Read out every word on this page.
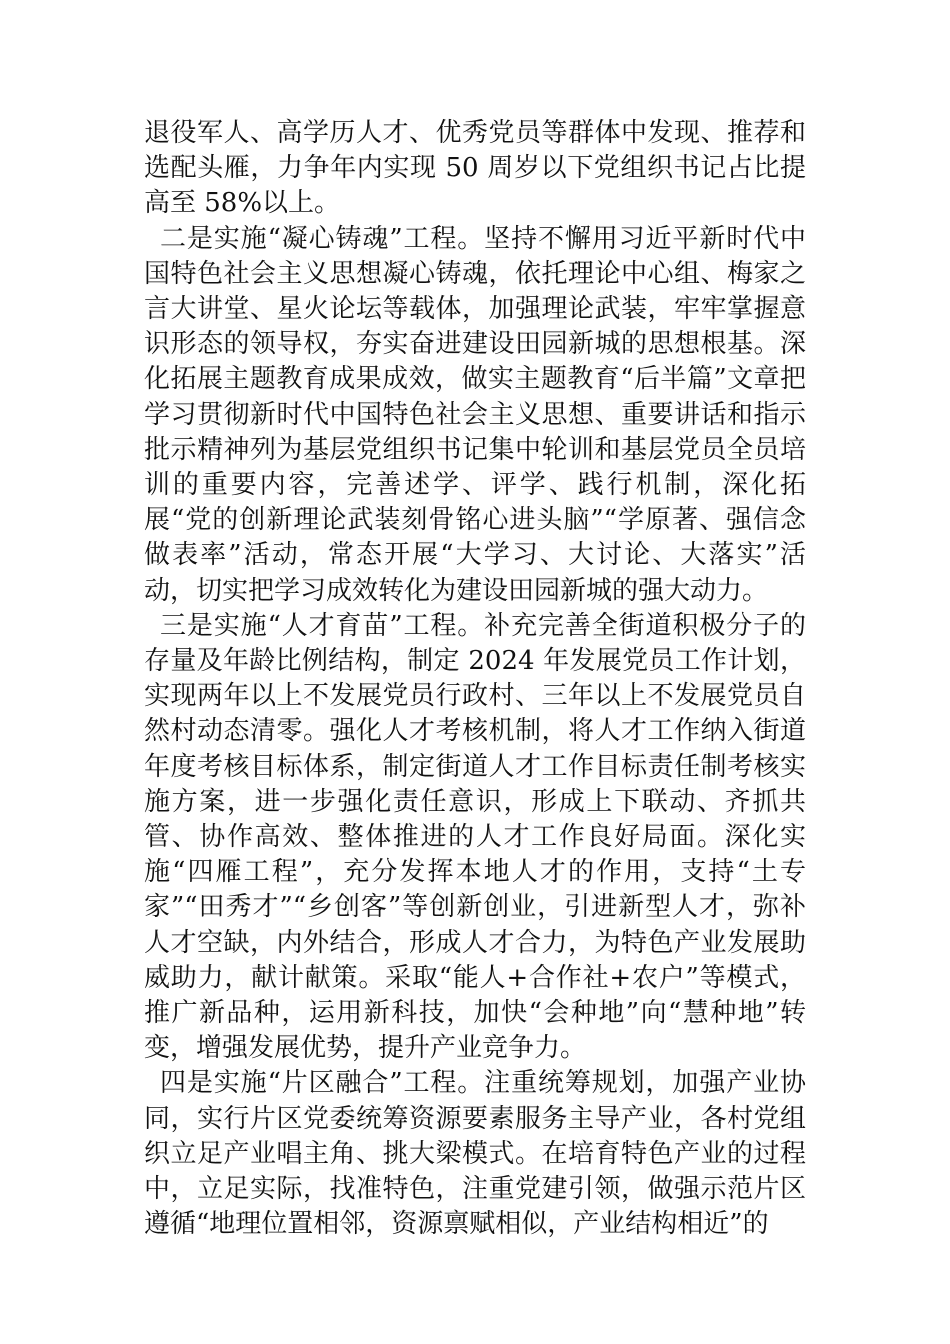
退役军人、高学历人才、优秀党员等群体中发现、推荐和选配头雁，力争年内实现 50 周岁以下党组织书记占比提高至 58%以上。

二是实施“凝心铸魂”工程。坚持不懈用习近平新时代中国特色社会主义思想凝心铸魂，依托理论中心组、梅家之言大讲堂、星火论坛等载体，加强理论武装，牢牢掌握意识形态的领导权，夯实奋进建设田园新城的思想根基。深化拓展主题教育成果成效，做实主题教育“后半篇”文章把学习贯彻新时代中国特色社会主义思想、重要讲话和指示批示精神列为基层党组织书记集中轮训和基层党员全员培训的重要内容，完善述学、评学、践行机制，深化拓展“党的创新理论武装刻骨铭心进头脑”“学原著、强信念做表率”活动，常态开展“大学习、大讨论、大落实”活动，切实把学习成效转化为建设田园新城的强大动力。

三是实施“人才育苗”工程。补充完善全街道积极分子的存量及年龄比例结构，制定 2024 年发展党员工作计划，实现两年以上不发展党员行政村、三年以上不发展党员自然村动态清零。强化人才考核机制，将人才工作纳入街道年度考核目标体系，制定街道人才工作目标责任制考核实施方案，进一步强化责任意识，形成上下联动、齐抓共管、协作高效、整体推进的人才工作良好局面。深化实施“四雁工程”，充分发挥本地人才的作用，支持“土专家”“田秀才”“乡创客”等创新创业，引进新型人才，弥补人才空缺，内外结合，形成人才合力，为特色产业发展助威助力，献计献策。采取“能人+合作社+农户”等模式，推广新品种，运用新科技，加快“会种地”向“慧种地”转变，增强发展优势，提升产业竞争力。

四是实施“片区融合”工程。注重统筹规划，加强产业协同，实行片区党委统筹资源要素服务主导产业，各村党组织立足产业唱主角、挑大梁模式。在培育特色产业的过程中，立足实际，找准特色，注重党建引领，做强示范片区遵循“地理位置相邻，资源禀赋相似，产业结构相近”的
